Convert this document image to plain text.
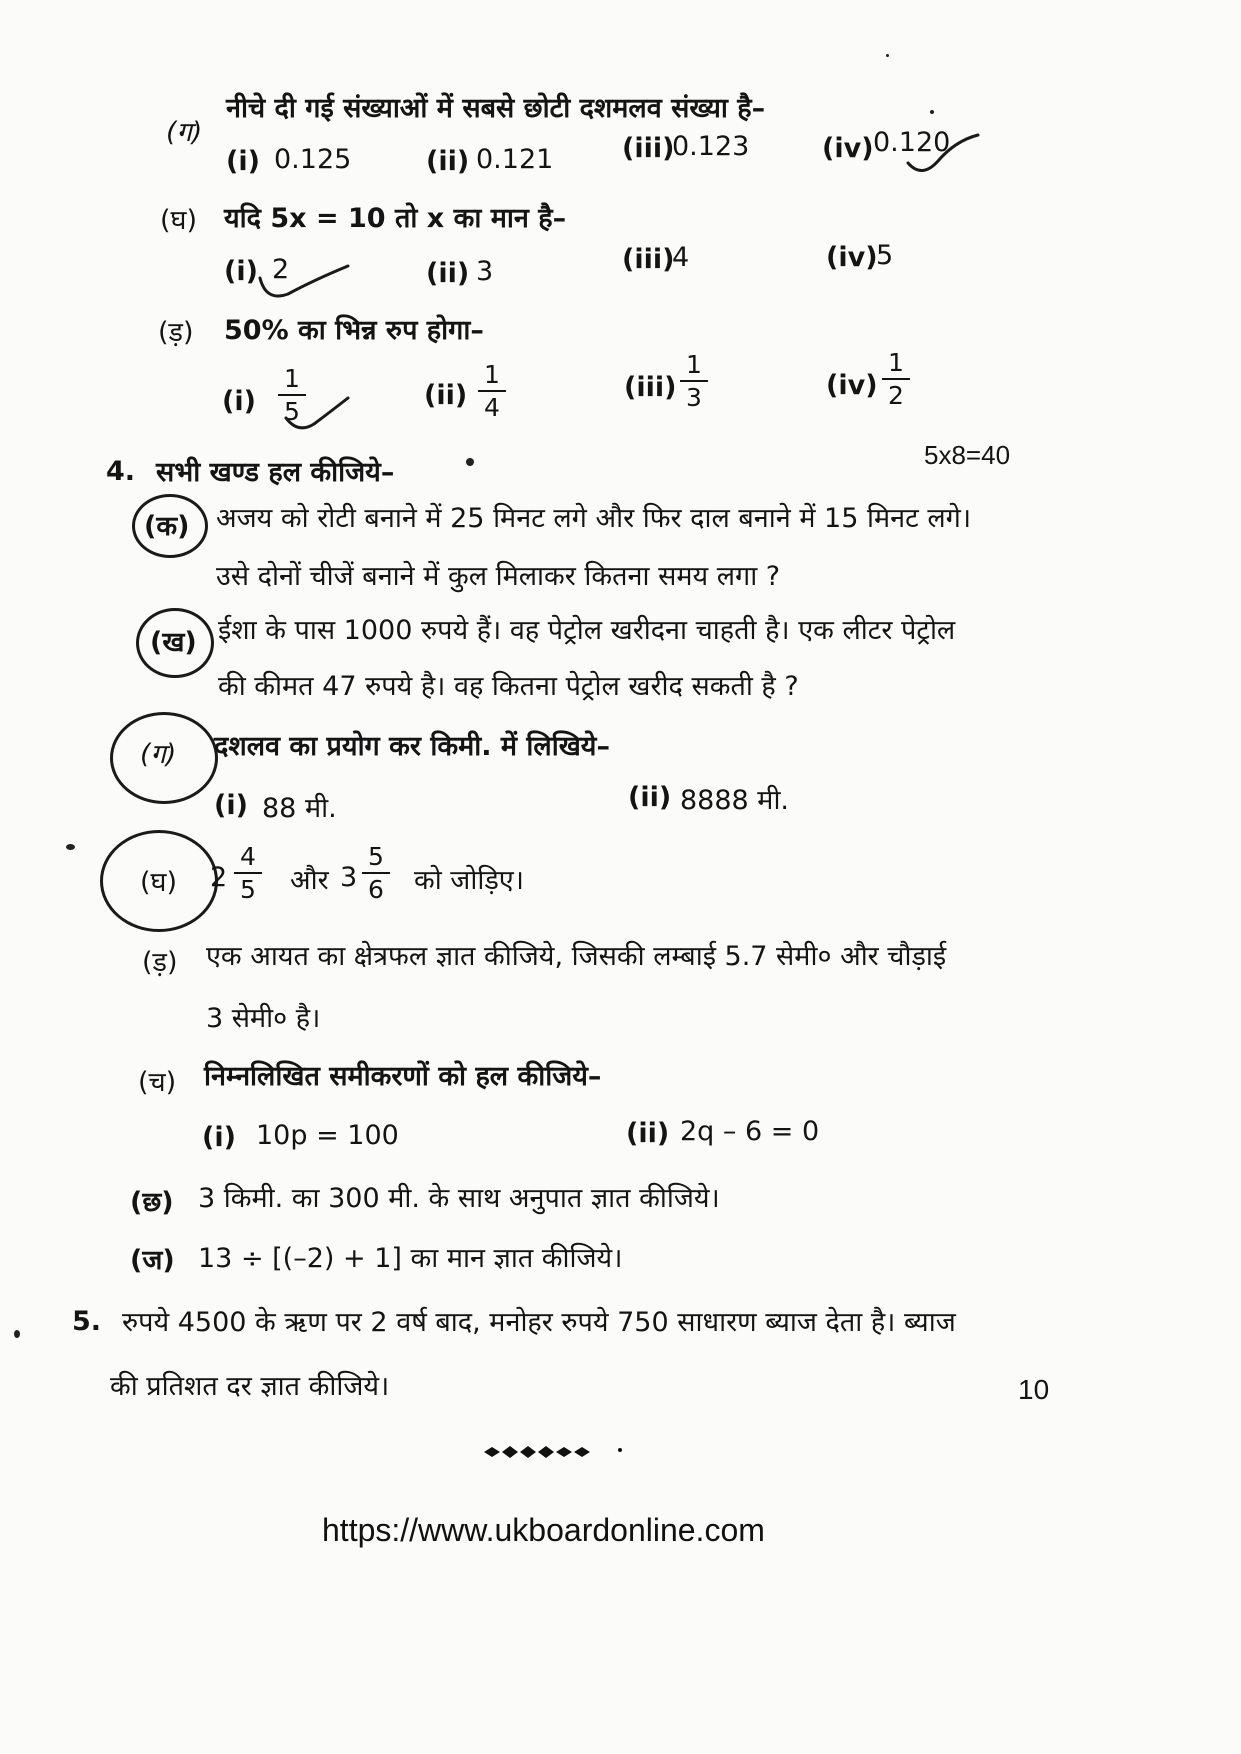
(ग)
नीचे दी गई संख्याओं में सबसे छोटी दशमलव संख्या है–
(i) 0.125	(ii) 0.121	(iii)
0.123	(iv) 0.120
(घ) यदि 5x = 10 तो x का मान है–
(i) 2	(ii) 3	(iii)
4	(iv)
5
(ड़) 50% का भिन्न रुप होगा–
$(i) \frac{1}{5}$	$(ii) \frac{1}{4}$	$(iii) \frac{1}{3}$	$(iv) \frac{1}{2}$
4. सभी खण्ड हल कीजिये–
5x8=40
(क) अजय को रोटी बनाने में 25 मिनट लगे और फिर दाल बनाने में 15 मिनट लगे।
उसे दोनों चीजें बनाने में कुल मिलाकर कितना समय लगा ?
(ख) ईशा के पास 1000 रुपये हैं। वह पेट्रोल खरीदना चाहती है। एक लीटर पेट्रोल
की कीमत 47 रुपये है। वह कितना पेट्रोल खरीद सकती है ?
(ग) दशलव का प्रयोग कर किमी. में लिखिये–
(i) 88 मी.	(ii) 8888 मी.
(घ) $2 \frac{4}{5}$ और $3 \frac{5}{6}$ को जोड़िए।
(ड़) एक आयत का क्षेत्रफल ज्ञात कीजिये, जिसकी लम्बाई 5.7 सेमी० और चौड़ाई
3 सेमी० है।
(च) निम्नलिखित समीकरणों को हल कीजिये–
(i) 10p = 100	(ii) 2q – 6 = 0
(छ) 3 किमी. का 300 मी. के साथ अनुपात ज्ञात कीजिये।
(ज) 13 ÷ [(–2) + 1] का मान ज्ञात कीजिये।
5. रुपये 4500 के ऋण पर 2 वर्ष बाद, मनोहर रुपये 750 साधारण ब्याज देता है। ब्याज
की प्रतिशत दर ज्ञात कीजिये।	10
https://www.ukboardonline.com
